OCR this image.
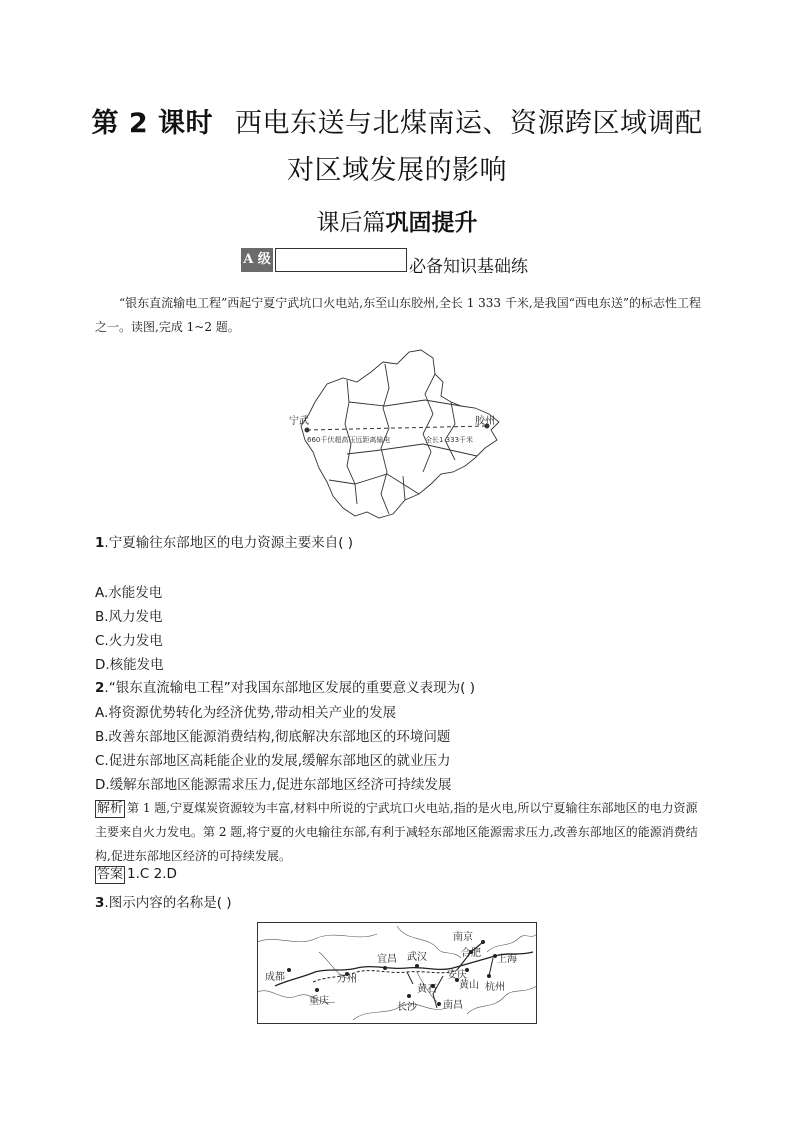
第 2 课时 西电东送与北煤南运、资源跨区域调配
对区域发展的影响
课后篇巩固提升
A 级	必备知识基础练
“银东直流输电工程”西起宁夏宁武坑口火电站,东至山东胶州,全长 1 333 千米,是我国“西电东送”的标志性工程之一。读图,完成 1~2 题。
宁武	胶州
660千伏超高压远距离输电	全长1 333千米
1.宁夏输往东部地区的电力资源主要来自( )
A.水能发电
B.风力发电
C.火力发电
D.核能发电
2.“银东直流输电工程”对我国东部地区发展的重要意义表现为( )
A.将资源优势转化为经济优势,带动相关产业的发展
B.改善东部地区能源消费结构,彻底解决东部地区的环境问题
C.促进东部地区高耗能企业的发展,缓解东部地区的就业压力
D.缓解东部地区能源需求压力,促进东部地区经济可持续发展
解析 第 1 题,宁夏煤炭资源较为丰富,材料中所说的宁武坑口火电站,指的是火电,所以宁夏输往东部地区的电力资源主要来自火力发电。第 2 题,将宁夏的火电输往东部,有利于减轻东部地区能源需求压力,改善东部地区的能源消费结构,促进东部地区经济的可持续发展。
答案 1.C 2.D
3.图示内容的名称是( )
成都
重庆
宜昌 武汉
长沙	南昌
南京
合肥
安庆
黄山 杭州
上海
黄石
万州
